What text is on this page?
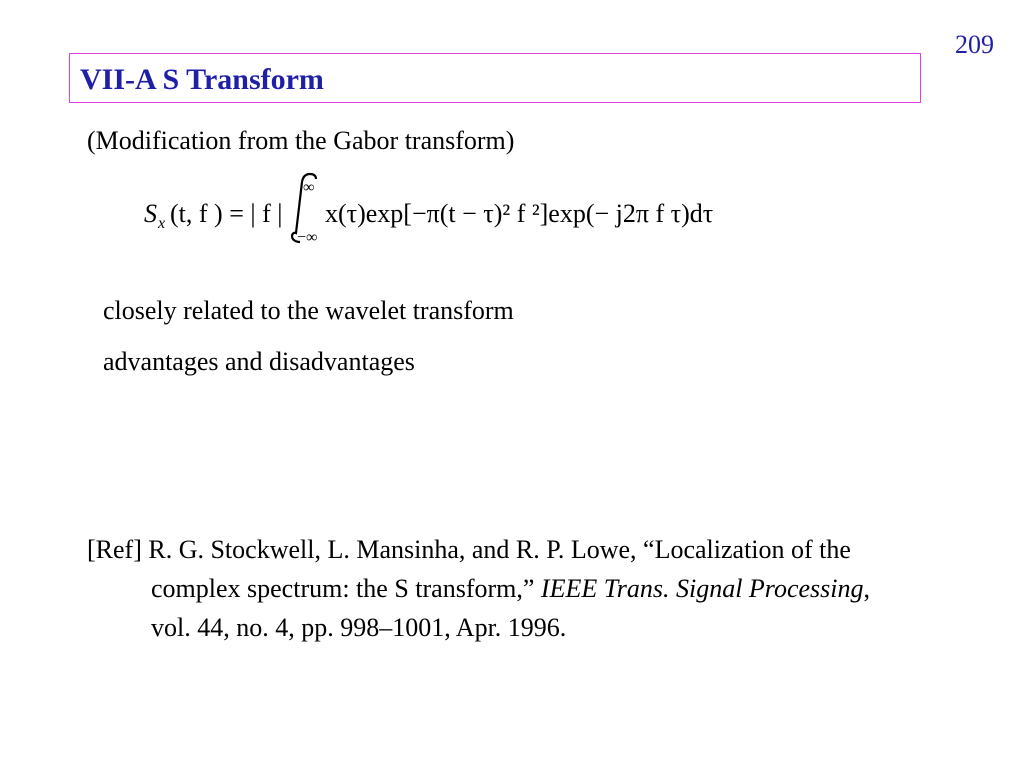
209
VII-A S Transform
(Modification from the Gabor transform)
S x (t, f ) = | f |
∞
−∞
x(τ)exp[−π(t − τ)² f ²]exp(− j2π f τ)dτ
closely related to the wavelet transform
advantages and disadvantages
[Ref] R. G. Stockwell, L. Mansinha, and R. P. Lowe, “Localization of the
complex spectrum: the S transform,” IEEE Trans. Signal Processing,
vol. 44, no. 4, pp. 998–1001, Apr. 1996.
